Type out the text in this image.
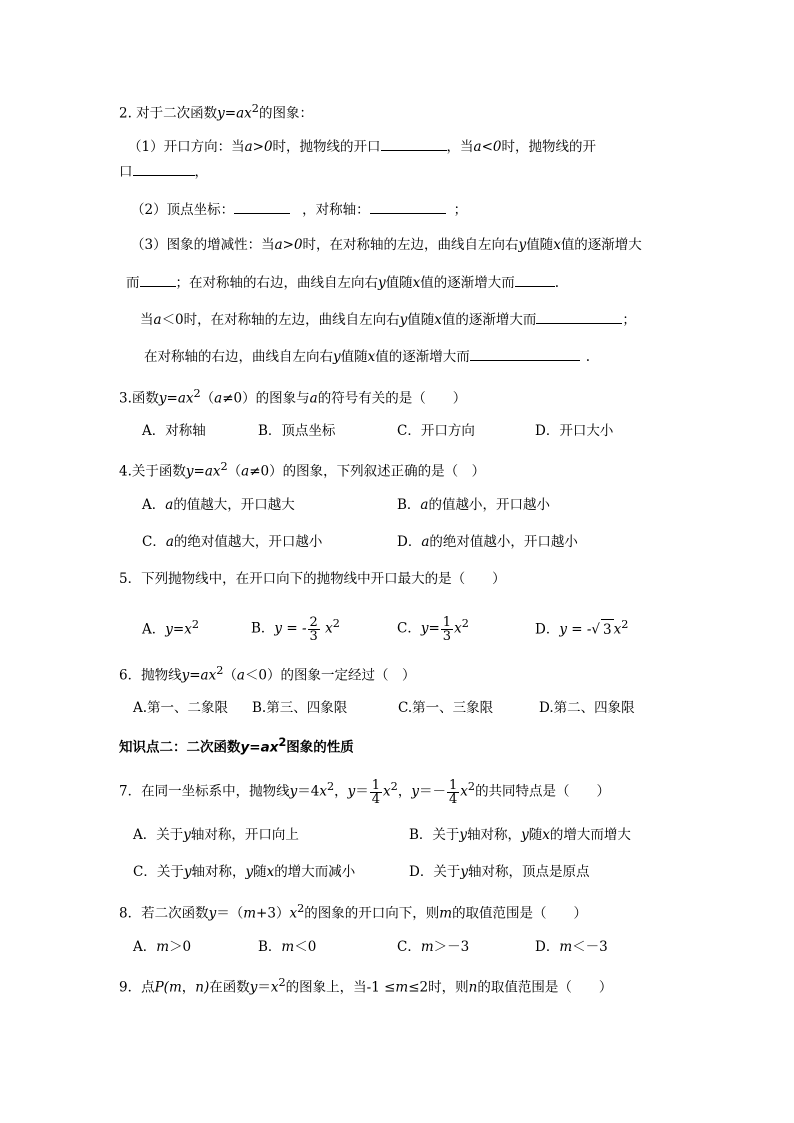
2. 对于二次函数$y=ax^2$的图象：
（1）开口方向：当a>0时，抛物线的开口	，当a<0时，抛物线的开
口	，
（2）顶点坐标：	，对称轴：	；
（3）图象的增减性：当a>0时，在对称轴的左边，曲线自左向右y值随x值的逐渐增大
而	；在对称轴的右边，曲线自左向右y值随x值的逐渐增大而	.
当a＜0时，在对称轴的左边，曲线自左向右y值随x值的逐渐增大而	；
在对称轴的右边，曲线自左向右y值随x值的逐渐增大而	.
3.函数$y=ax^2(a\ne 0)$的图象与a的符号有关的是（　　）
A．对称轴	B．顶点坐标	C．开口方向	D．开口大小
4.关于函数$y=ax^2(a\ne 0)$的图象，下列叙述正确的是（　）
A．a的值越大，开口越大	B．a的值越小，开口越小
C．a的绝对值越大，开口越小	D．a的绝对值越小，开口越小
5．下列抛物线中，在开口向下的抛物线中开口最大的是（　　）
A．$y=x^2$	B．y = - $\frac{2}{3} x^2$	C．$y= \frac{1}{3} x^2$	D．y = -√ 3 $x^2$
6．抛物线$y=ax^2(a<0)$的图象一定经过（　）
A.第一、二象限 B.第三、四象限	C.第一、三象限	D.第二、四象限
知识点二：二次函数$y=ax^2$图象的性质
7．在同一坐标系中，抛物线$y=4x^2$，$y= \frac{1}{4} x^2$，$y=- \frac{1}{4} x^2$的共同特点是（　　）
A．关于y轴对称，开口向上	B．关于y轴对称，y随x的增大而增大
C．关于y轴对称，y随x的增大而减小	D．关于y轴对称，顶点是原点
8．若二次函数$y=(m+3)x^2$的图象的开口向下，则m的取值范围是（　　）
A．m＞0	B．m＜0	C．m＞－3	D．m＜－3
9．点P(m，n)在函数$y=x^2$的图象上，当-1 ≤m≤2时，则n的取值范围是（　　）
